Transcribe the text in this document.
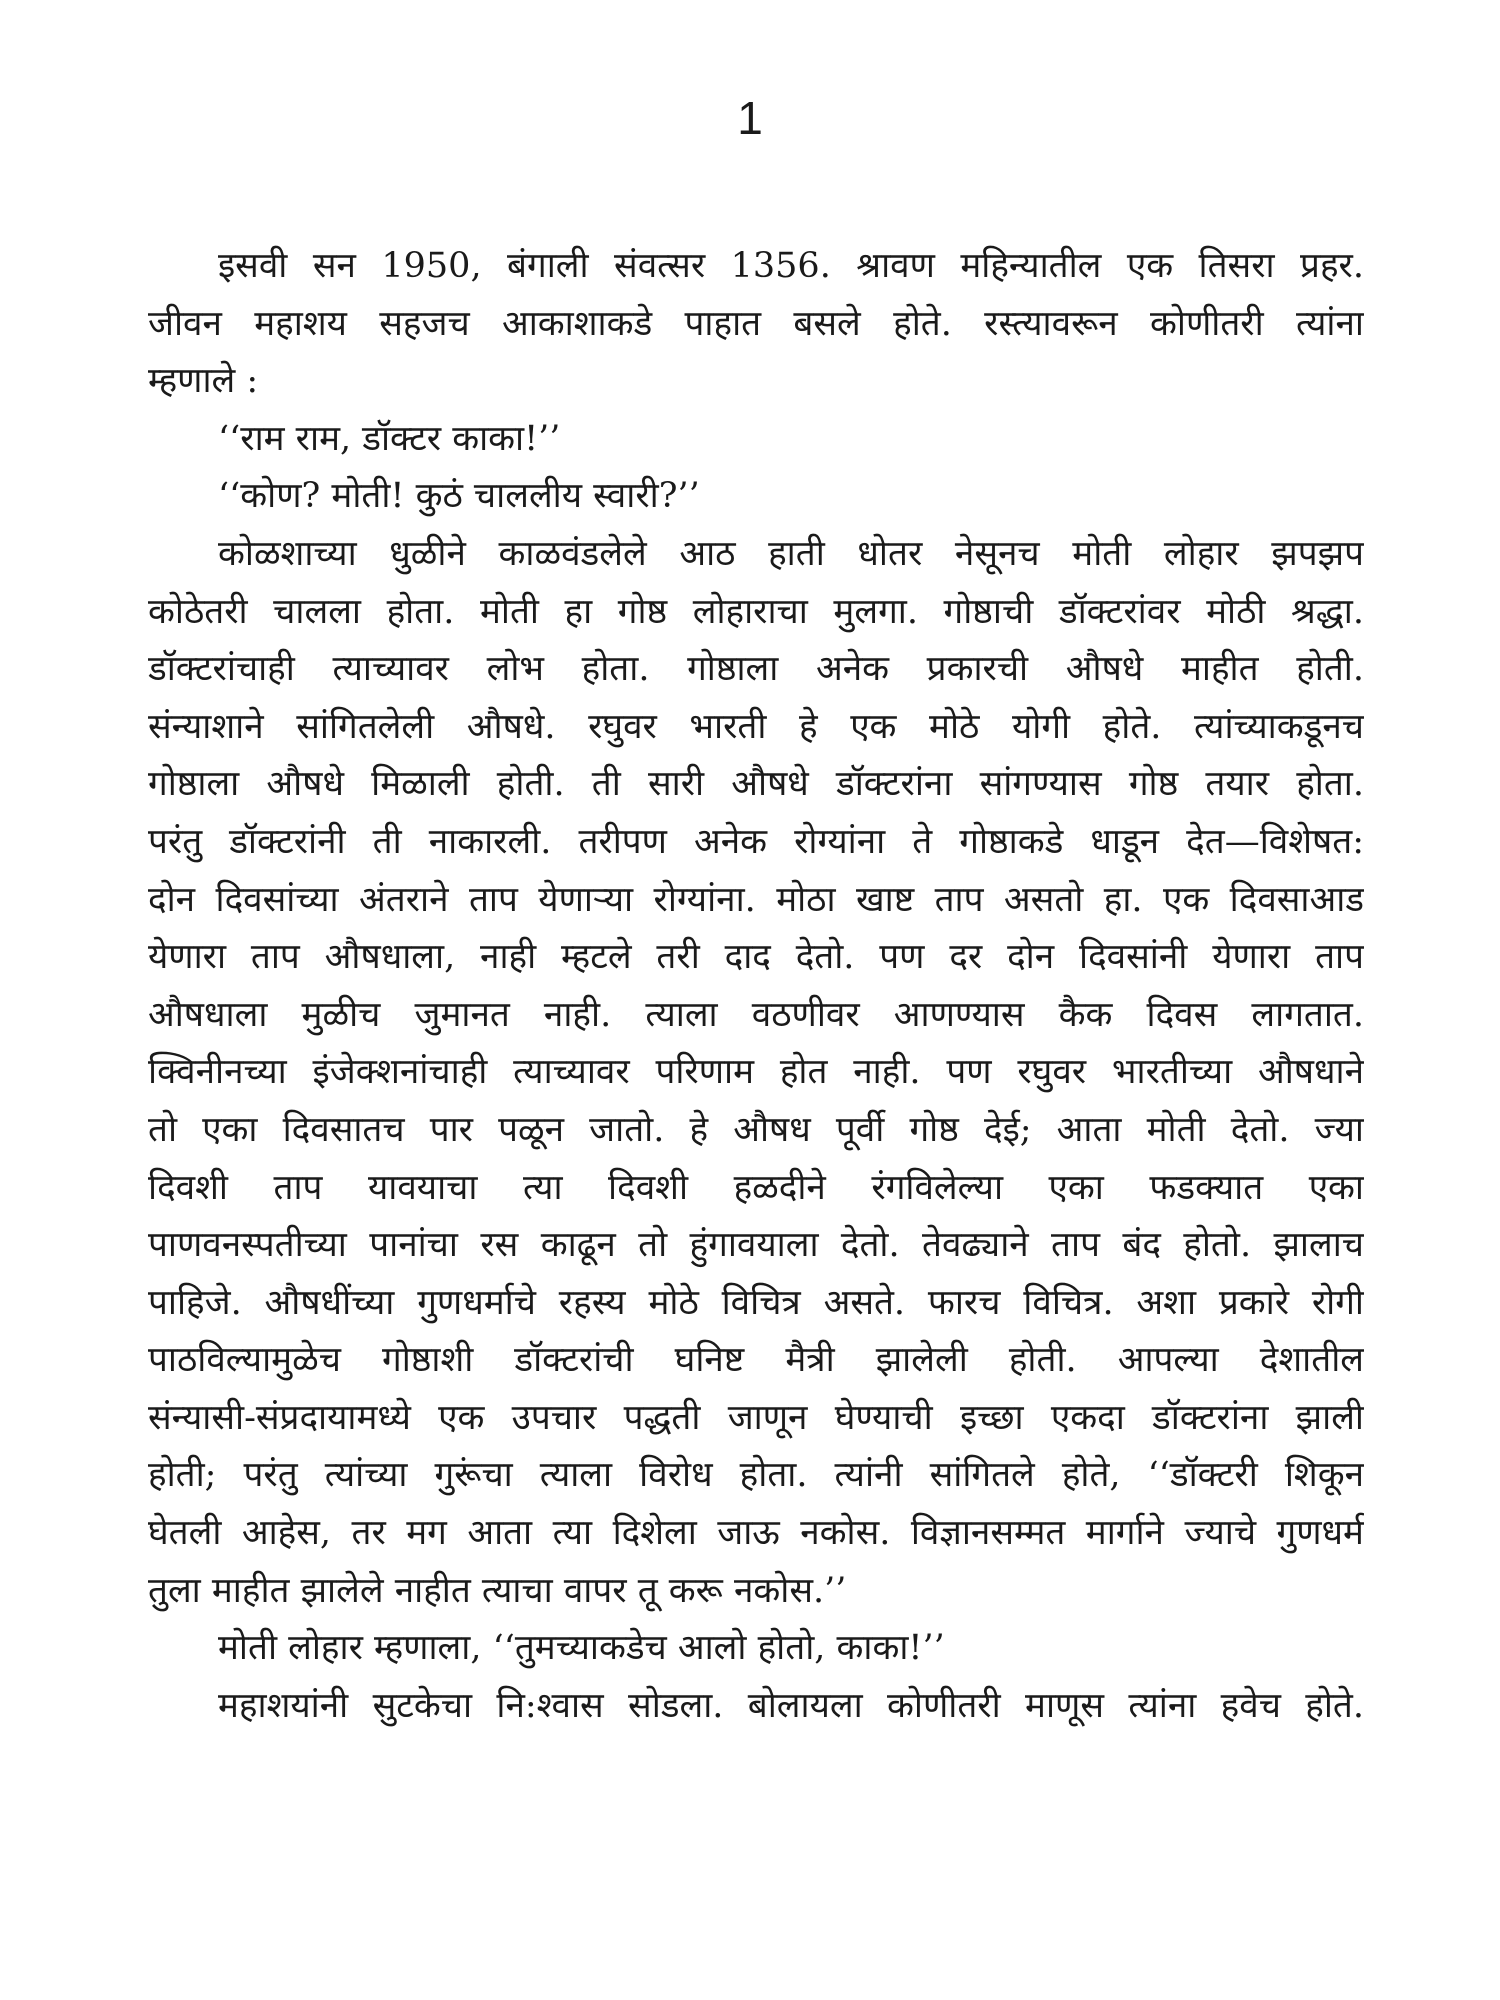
1
इसवी सन 1950, बंगाली संवत्सर 1356. श्रावण महिन्यातील एक तिसरा प्रहर.
जीवन महाशय सहजच आकाशाकडे पाहात बसले होते. रस्त्यावरून कोणीतरी त्यांना
म्हणाले :
‘‘राम राम, डॉक्टर काका!’’
‘‘कोण? मोती! कुठं चाललीय स्वारी?’’
कोळशाच्या धुळीने काळवंडलेले आठ हाती धोतर नेसूनच मोती लोहार झपझप
कोठेतरी चालला होता. मोती हा गोष्ठ लोहाराचा मुलगा. गोष्ठाची डॉक्टरांवर मोठी श्रद्धा.
डॉक्टरांचाही त्याच्यावर लोभ होता. गोष्ठाला अनेक प्रकारची औषधे माहीत होती.
संन्याशाने सांगितलेली औषधे. रघुवर भारती हे एक मोठे योगी होते. त्यांच्याकडूनच
गोष्ठाला औषधे मिळाली होती. ती सारी औषधे डॉक्टरांना सांगण्यास गोष्ठ तयार होता.
परंतु डॉक्टरांनी ती नाकारली. तरीपण अनेक रोग्यांना ते गोष्ठाकडे धाडून देत—विशेषत:
दोन दिवसांच्या अंतराने ताप येणाऱ्या रोग्यांना. मोठा खाष्ट ताप असतो हा. एक दिवसाआड
येणारा ताप औषधाला, नाही म्हटले तरी दाद देतो. पण दर दोन दिवसांनी येणारा ताप
औषधाला मुळीच जुमानत नाही. त्याला वठणीवर आणण्यास कैक दिवस लागतात.
क्विनीनच्या इंजेक्शनांचाही त्याच्यावर परिणाम होत नाही. पण रघुवर भारतीच्या औषधाने
तो एका दिवसातच पार पळून जातो. हे औषध पूर्वी गोष्ठ देई; आता मोती देतो. ज्या
दिवशी ताप यावयाचा त्या दिवशी हळदीने रंगविलेल्या एका फडक्यात एका
पाणवनस्पतीच्या पानांचा रस काढून तो हुंगावयाला देतो. तेवढ्याने ताप बंद होतो. झालाच
पाहिजे. औषधींच्या गुणधर्माचे रहस्य मोठे विचित्र असते. फारच विचित्र. अशा प्रकारे रोगी
पाठविल्यामुळेच गोष्ठाशी डॉक्टरांची घनिष्ट मैत्री झालेली होती. आपल्या देशातील
संन्यासी-संप्रदायामध्ये एक उपचार पद्धती जाणून घेण्याची इच्छा एकदा डॉक्टरांना झाली
होती; परंतु त्यांच्या गुरूंचा त्याला विरोध होता. त्यांनी सांगितले होते, ‘‘डॉक्टरी शिकून
घेतली आहेस, तर मग आता त्या दिशेला जाऊ नकोस. विज्ञानसम्मत मार्गाने ज्याचे गुणधर्म
तुला माहीत झालेले नाहीत त्याचा वापर तू करू नकोस.’’
मोती लोहार म्हणाला, ‘‘तुमच्याकडेच आलो होतो, काका!’’
महाशयांनी सुटकेचा नि:श्वास सोडला. बोलायला कोणीतरी माणूस त्यांना हवेच होते.
